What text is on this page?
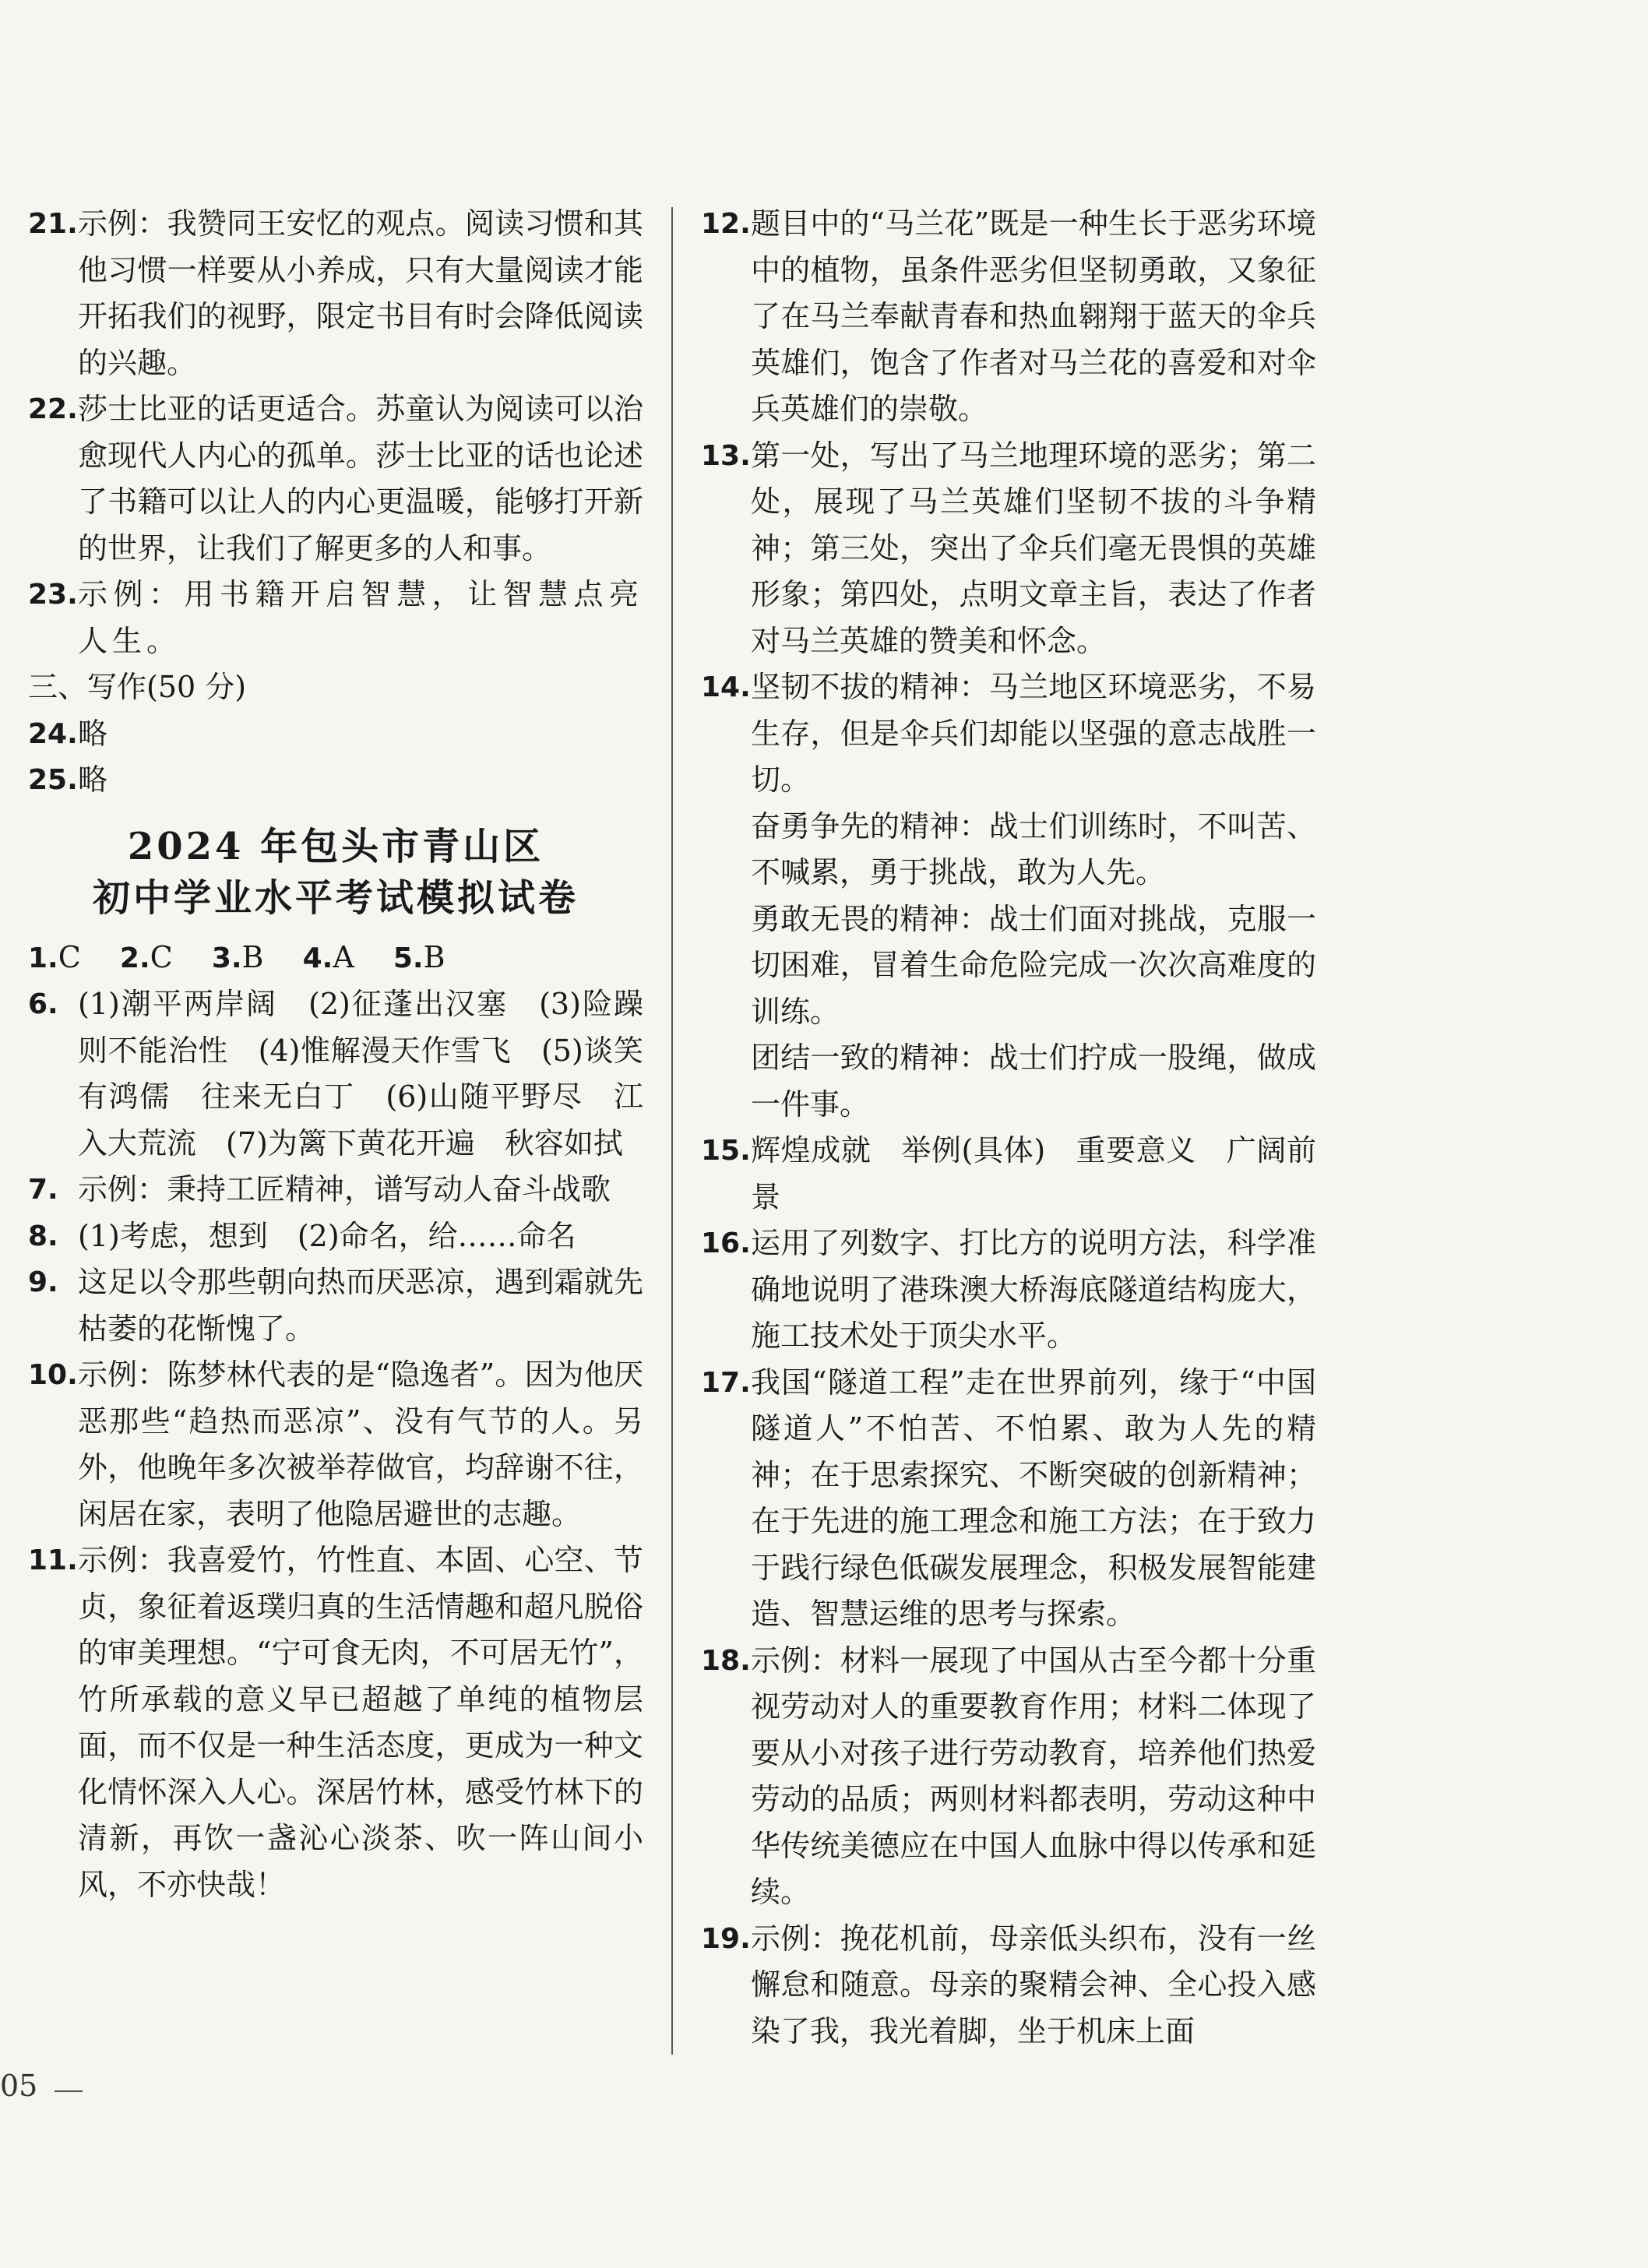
21. 示例：我赞同王安忆的观点。阅读习惯和其他习惯一样要从小养成，只有大量阅读才能开拓我们的视野，限定书目有时会降低阅读的兴趣。
22. 莎士比亚的话更适合。苏童认为阅读可以治愈现代人内心的孤单。莎士比亚的话也论述了书籍可以让人的内心更温暖，能够打开新的世界，让我们了解更多的人和事。
23. 示例：用书籍开启智慧，让智慧点亮人生。
三、写作(50 分)
24. 略
25. 略
2024 年包头市青山区
初中学业水平考试模拟试卷
1.C 2.C 3.B 4.A 5.B
6. (1)潮平两岸阔　(2)征蓬出汉塞　(3)险躁则不能治性　(4)惟解漫天作雪飞　(5)谈笑有鸿儒　往来无白丁　(6)山随平野尽　江入大荒流　(7)为篱下黄花开遍　秋容如拭
7. 示例：秉持工匠精神，谱写动人奋斗战歌
8. (1)考虑，想到　(2)命名，给……命名
9. 这足以令那些朝向热而厌恶凉，遇到霜就先枯萎的花惭愧了。
10. 示例：陈梦林代表的是“隐逸者”。因为他厌恶那些“趋热而恶凉”、没有气节的人。另外，他晚年多次被举荐做官，均辞谢不往，闲居在家，表明了他隐居避世的志趣。
11. 示例：我喜爱竹，竹性直、本固、心空、节贞，象征着返璞归真的生活情趣和超凡脱俗的审美理想。“宁可食无肉，不可居无竹”，竹所承载的意义早已超越了单纯的植物层面，而不仅是一种生活态度，更成为一种文化情怀深入人心。深居竹林，感受竹林下的清新，再饮一盏沁心淡茶、吹一阵山间小风，不亦快哉！
12. 题目中的“马兰花”既是一种生长于恶劣环境中的植物，虽条件恶劣但坚韧勇敢，又象征了在马兰奉献青春和热血翱翔于蓝天的伞兵英雄们，饱含了作者对马兰花的喜爱和对伞兵英雄们的崇敬。
13. 第一处，写出了马兰地理环境的恶劣；第二处，展现了马兰英雄们坚韧不拔的斗争精神；第三处，突出了伞兵们毫无畏惧的英雄形象；第四处，点明文章主旨，表达了作者对马兰英雄的赞美和怀念。
14. 坚韧不拔的精神：马兰地区环境恶劣，不易生存，但是伞兵们却能以坚强的意志战胜一切。
奋勇争先的精神：战士们训练时，不叫苦、不喊累，勇于挑战，敢为人先。
勇敢无畏的精神：战士们面对挑战，克服一切困难，冒着生命危险完成一次次高难度的训练。
团结一致的精神：战士们拧成一股绳，做成一件事。
15. 辉煌成就　举例(具体)　重要意义　广阔前景
16. 运用了列数字、打比方的说明方法，科学准确地说明了港珠澳大桥海底隧道结构庞大，施工技术处于顶尖水平。
17. 我国“隧道工程”走在世界前列，缘于“中国隧道人”不怕苦、不怕累、敢为人先的精神；在于思索探究、不断突破的创新精神；在于先进的施工理念和施工方法；在于致力于践行绿色低碳发展理念，积极发展智能建造、智慧运维的思考与探索。
18. 示例：材料一展现了中国从古至今都十分重视劳动对人的重要教育作用；材料二体现了要从小对孩子进行劳动教育，培养他们热爱劳动的品质；两则材料都表明，劳动这种中华传统美德应在中国人血脉中得以传承和延续。
19. 示例：挽花机前，母亲低头织布，没有一丝懈怠和随意。母亲的聚精会神、全心投入感染了我，我光着脚，坐于机床上面
05
